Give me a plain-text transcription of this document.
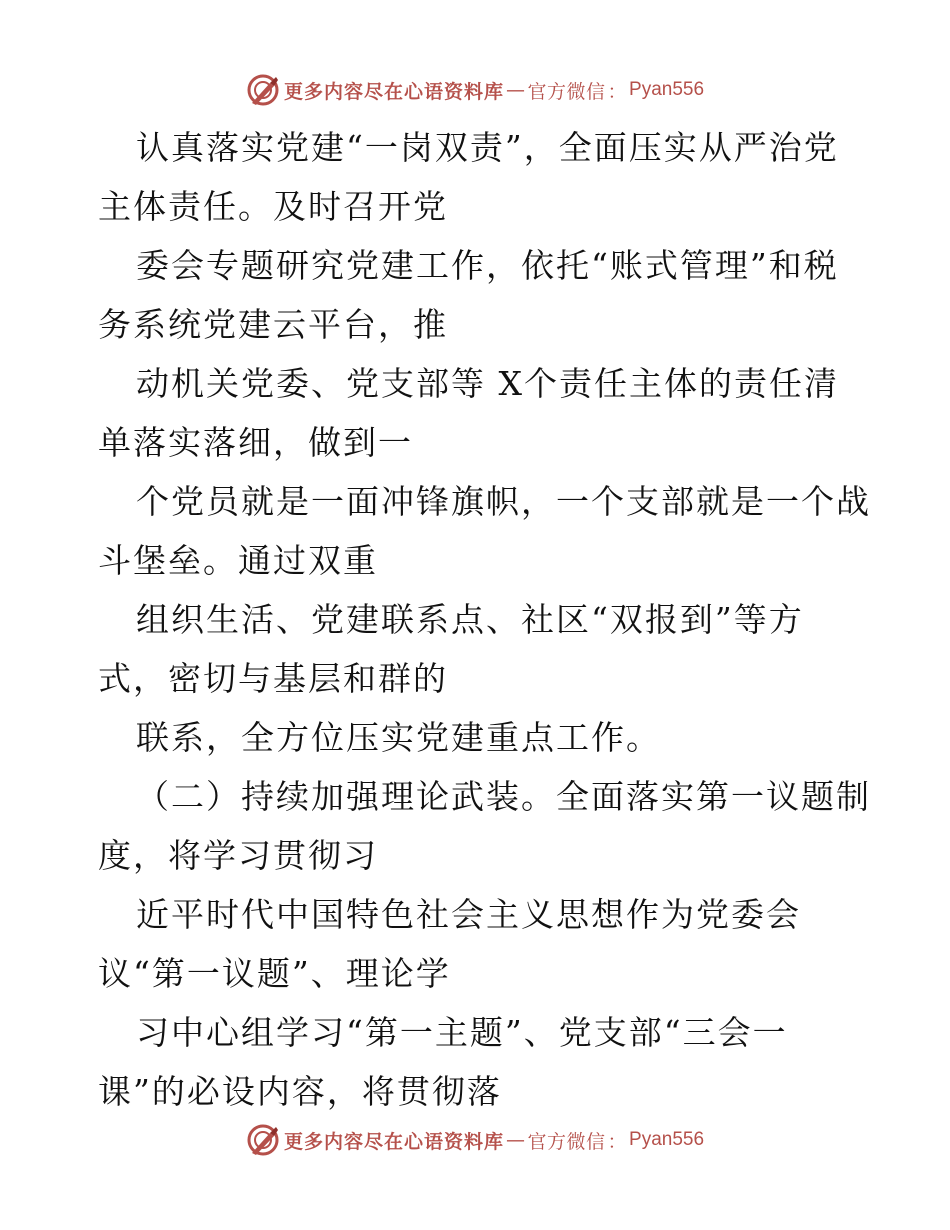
更多内容尽在心语资料库 — 官方微信 ： Pyan556
认真落实党建“一岗双责”，全面压实从严治党
主体责任。及时召开党
委会专题研究党建工作，依托“账式管理”和税
务系统党建云平台，推
动机关党委、党支部等 X个责任主体的责任清
单落实落细，做到一
个党员就是一面冲锋旗帜，一个支部就是一个战
斗堡垒。通过双重
组织生活、党建联系点、社区“双报到”等方
式，密切与基层和群的
联系，全方位压实党建重点工作。
（二）持续加强理论武装。全面落实第一议题制
度，将学习贯彻习
近平时代中国特色社会主义思想作为党委会
议“第一议题”、理论学
习中心组学习“第一主题”、党支部“三会一
课”的必设内容，将贯彻落
更多内容尽在心语资料库 — 官方微信 ： Pyan556
